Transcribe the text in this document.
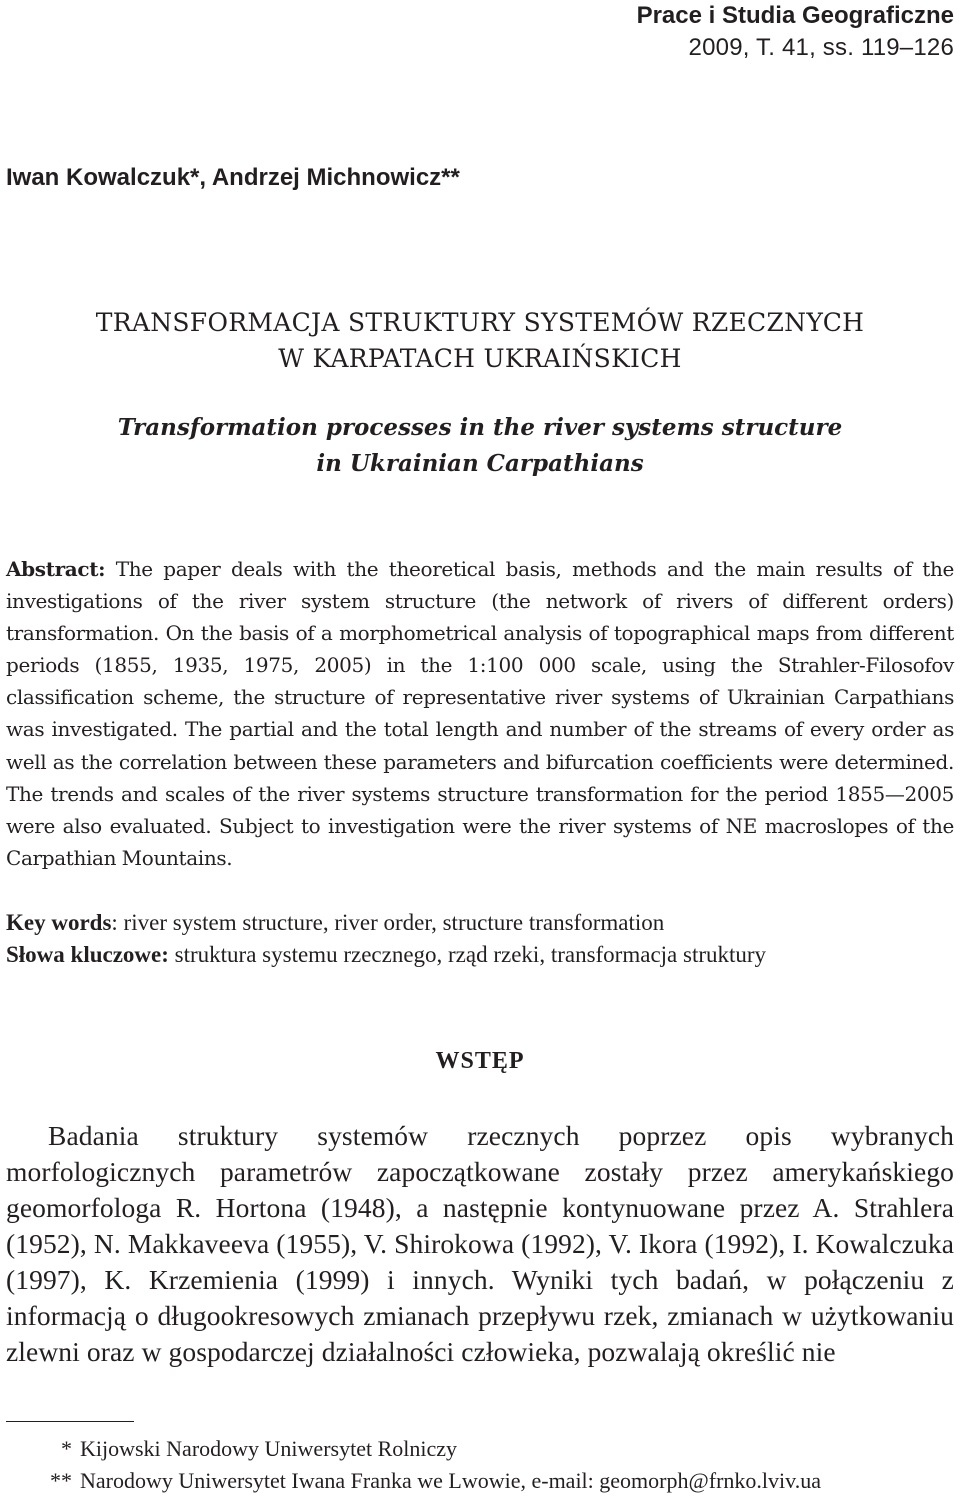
Prace i Studia Geograficzne
2009, T. 41, ss. 119–126
Iwan Kowalczuk*, Andrzej Michnowicz**
TRANSFORMACJA STRUKTURY SYSTEMÓW RZECZNYCH
W KARPATACH UKRAIŃSKICH
Transformation processes in the river systems structure
in Ukrainian Carpathians
Abstract: The paper deals with the theoretical basis, methods and the main results of the investigations of the river system structure (the network of rivers of different orders) transformation. On the basis of a morphometrical analysis of topographical maps from different periods (1855, 1935, 1975, 2005) in the 1:100 000 scale, using the Strahler-Filosofov classification scheme, the structure of representative river systems of Ukrainian Carpathians was investigated. The partial and the total length and number of the streams of every order as well as the correlation between these parameters and bifurcation coefficients were determined. The trends and scales of the river systems structure transformation for the period 1855—2005 were also evaluated. Subject to investigation were the river systems of NE macroslopes of the Carpathian Mountains.
Key words: river system structure, river order, structure transformation
Słowa kluczowe: struktura systemu rzecznego, rząd rzeki, transformacja struktury
WSTĘP
Badania struktury systemów rzecznych poprzez opis wybranych morfologicznych parametrów zapoczątkowane zostały przez amerykańskiego geomorfologa R. Hortona (1948), a następnie kontynuowane przez A. Strahlera (1952), N. Makkaveeva (1955), V. Shirokowa (1992), V. Ikora (1992), I. Kowalczuka (1997), K. Krzemienia (1999) i innych. Wyniki tych badań, w połączeniu z informacją o długookresowych zmianach przepływu rzek, zmianach w użytkowaniu zlewni oraz w gospodarczej działalności człowieka, pozwalają określić nie
* Kijowski Narodowy Uniwersytet Rolniczy
** Narodowy Uniwersytet Iwana Franka we Lwowie, e-mail: geomorph@frnko.lviv.ua
